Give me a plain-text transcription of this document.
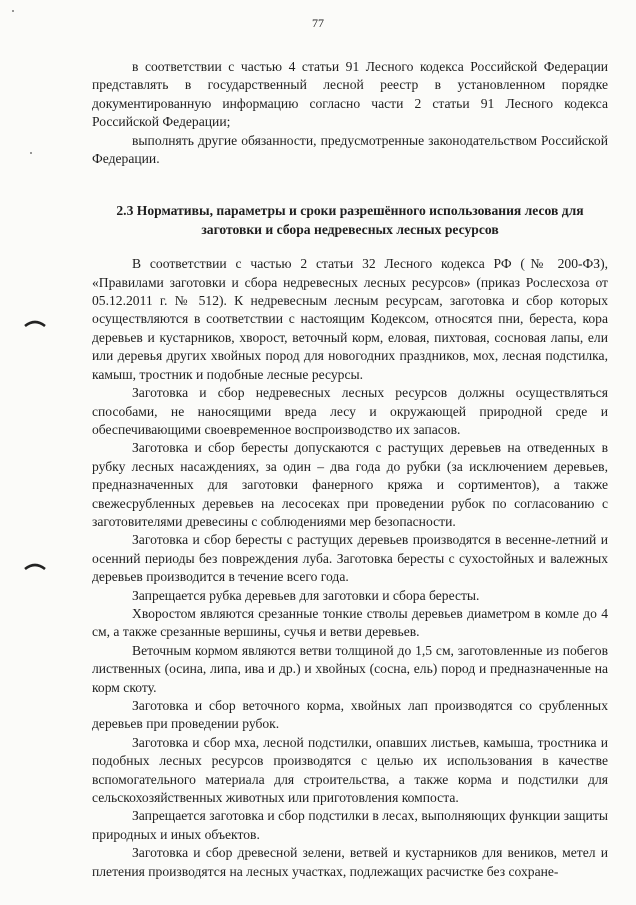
77

в соответствии с частью 4 статьи 91 Лесного кодекса Российской Федерации представлять в государственный лесной реестр в установленном порядке документированную информацию согласно части 2 статьи 91 Лесного кодекса Российской Федерации;

выполнять другие обязанности, предусмотренные законодательством Российской Федерации.

2.3 Нормативы, параметры и сроки разрешённого использования лесов для заготовки и сбора недревесных лесных ресурсов

В соответствии с частью 2 статьи 32 Лесного кодекса РФ (№ 200-ФЗ), «Правилами заготовки и сбора недревесных лесных ресурсов» (приказ Рослесхоза от 05.12.2011 г. № 512). К недревесным лесным ресурсам, заготовка и сбор которых осуществляются в соответствии с настоящим Кодексом, относятся пни, береста, кора деревьев и кустарников, хворост, веточный корм, еловая, пихтовая, сосновая лапы, ели или деревья других хвойных пород для новогодних праздников, мох, лесная подстилка, камыш, тростник и подобные лесные ресурсы.

Заготовка и сбор недревесных лесных ресурсов должны осуществляться способами, не наносящими вреда лесу и окружающей природной среде и обеспечивающими своевременное воспроизводство их запасов.

Заготовка и сбор бересты допускаются с растущих деревьев на отведенных в рубку лесных насаждениях, за один – два года до рубки (за исключением деревьев, предназначенных для заготовки фанерного кряжа и сортиментов), а также свежесрубленных деревьев на лесосеках при проведении рубок по согласованию с заготовителями древесины с соблюдениями мер безопасности.

Заготовка и сбор бересты с растущих деревьев производятся в весенне-летний и осенний периоды без повреждения луба. Заготовка бересты с сухостойных и валежных деревьев производится в течение всего года.

Запрещается рубка деревьев для заготовки и сбора бересты.

Хворостом являются срезанные тонкие стволы деревьев диаметром в комле до 4 см, а также срезанные вершины, сучья и ветви деревьев.

Веточным кормом являются ветви толщиной до 1,5 см, заготовленные из побегов лиственных (осина, липа, ива и др.) и хвойных (сосна, ель) пород и предназначенные на корм скоту.

Заготовка и сбор веточного корма, хвойных лап производятся со срубленных деревьев при проведении рубок.

Заготовка и сбор мха, лесной подстилки, опавших листьев, камыша, тростника и подобных лесных ресурсов производятся с целью их использования в качестве вспомогательного материала для строительства, а также корма и подстилки для сельскохозяйственных животных или приготовления компоста.

Запрещается заготовка и сбор подстилки в лесах, выполняющих функции защиты природных и иных объектов.

Заготовка и сбор древесной зелени, ветвей и кустарников для веников, метел и плетения производятся на лесных участках, подлежащих расчистке без сохране-
